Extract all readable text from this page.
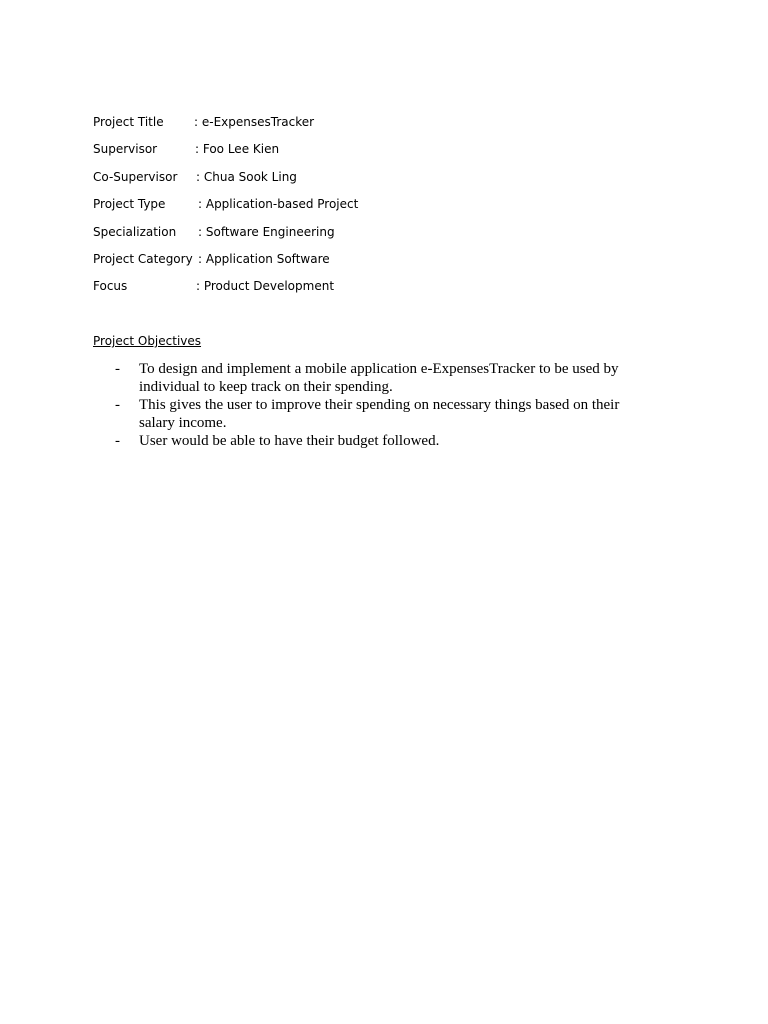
Project Title	: e-ExpensesTracker
Supervisor	: Foo Lee Kien
Co-Supervisor : Chua Sook Ling
Project Type	: Application-based Project
Specialization : Software Engineering
Project Category : Application Software
Focus	: Product Development
Project Objectives
- To design and implement a mobile application e-ExpensesTracker to be used by individual to keep track on their spending.
- This gives the user to improve their spending on necessary things based on their salary income.
- User would be able to have their budget followed.
